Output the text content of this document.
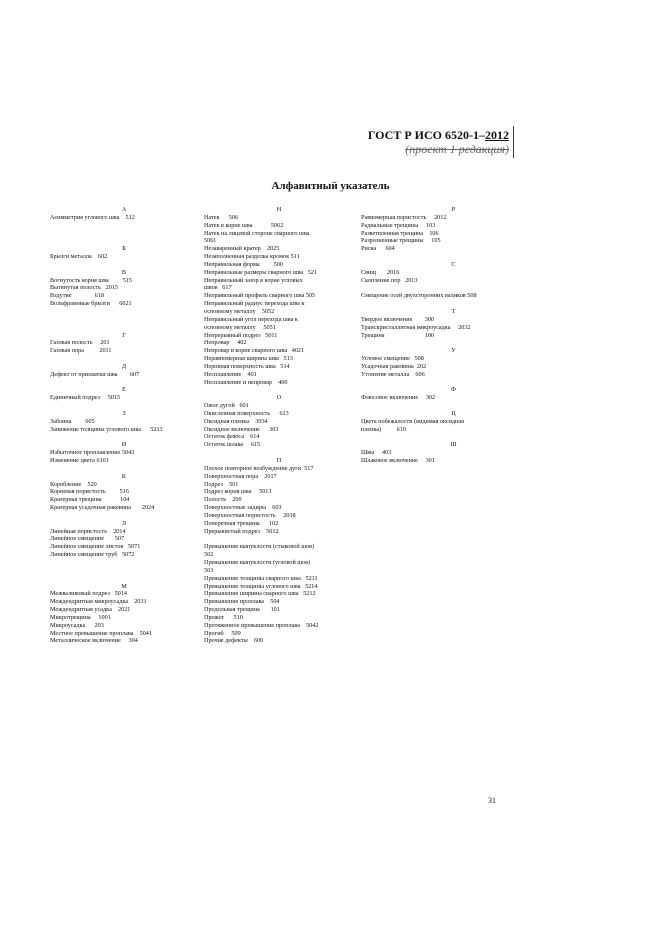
ГОСТ Р ИСО 6520-1–2012
(проект 1 редакция)
Алфавитный указатель
А
Асимметрия углового шва    512
Б
Брызги металла    602
В
Вогнутость корня шва         515
Вытянутая полость   2015
Вздутие               618
Вольфрамовые брызги      6021
Г
Газовая полость     201
Газовая пора          2011
Д
Дефект от прихватки шва        607
Е
Единичный подрез     5015
З
Забоина         605
Занижение толщины углового шва      5213
И
Избыточное проплавление 5043
Изменение цвета 6101
К
Коробление    520
Корневая пористость         516
Кратерная трещина            104
Кратерная усадочная раковина       2024
Л
Линейная пористость    2014
Линейное смещение       507
Линейное смещение листов   5071
Линейное смещение труб   5072
М
Межваликовый подрез   5014
Междендритная микроусадка    2031
Междендритная усадка    2021
Микротрещина     1001
Микроусадка      203
Местное превышение проплава    5041
Металлическое включение     304
Н
Натек      506
Натек в корне шва            5062
Натек на лицевой стороне сварного шва
5061
Незаваренный кратер    2025
Незаполненная разделка кромок 511
Неправильная форма         500
Неправильные размеры сварного шва   521
Неправильный зазор в корне угловых
швов   617
Неправильный профиль сварного шва 505
Неправильный радиус перехода шва к
основному металлу    5052
Неправильный угол перехода шва к
основному металлу     5051
Непрерывный подрез   5011
Непровар     402
Непровар в корне сварного шва   4021
Неравномерная ширина шва   513
Неровная поверхность шва   514
Несплавление    401
Несплавление и непровар    400
О
Ожог дугой   601
Окисленная поверхность      613
Оксидная пленка    3034
Оксидное включение      303
Остаток флюса    614
Остаток шлака     615
П
Плохое повторное возбуждение дуги  517
Поверхностная пора    2017
Подрез    501
Подрез корня шва     5013
Полость    200
Поверхностные задиры    603
Поверхностная пористость     2018
Поперечная трещина      102
Прерывистый подрез    5012
Превышение выпуклости (стыковой шов)
502
Превышение выпуклости (угловой шов)
503
Превышение толщины сварного шва   5211
Превышение толщины углового шва   5214
Превышение ширины сварного шва   5212
Превышение проплава    504
Продольная трещина       101
Прожог      510
Протяженное превышение проплава    5042
Прогиб     509
Прочие дефекты    600
Р
Равномерная пористость     2012
Радиальные трещины     103
Разветвленная трещина    106
Разрозненные трещины     105
Риска      604
С
Свищ       2016
Скопление пор   2013
Смещение осей двухсторонних валиков 508
Т
Твердое включение        300
Транскристаллитная микроусадка     2032
Трещина                          100
У
Угловое смещение   508
Усадочная раковина  202
Утонение металла    606
Ф
Флюсовое включение     302
Ц
Цвета побежалости (видимая оксидная
пленка)          610
Ш
Швы     403
Шлаковое включение     301
31
